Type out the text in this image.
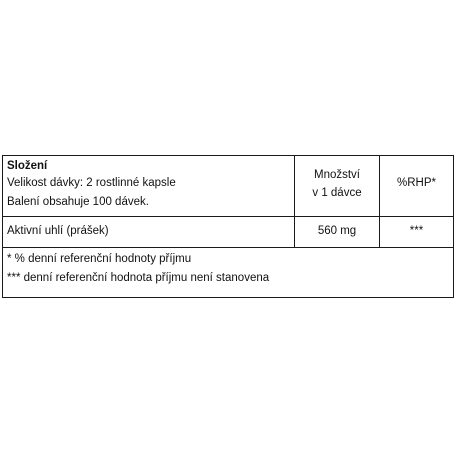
Složení
Velikost dávky: 2 rostlinné kapsle
Balení obsahuje 100 dávek.
Množství
v 1 dávce
%RHP*
Aktivní uhlí (prášek)	560 mg	***
* % denní referenční hodnoty příjmu
*** denní referenční hodnota příjmu není stanovena
